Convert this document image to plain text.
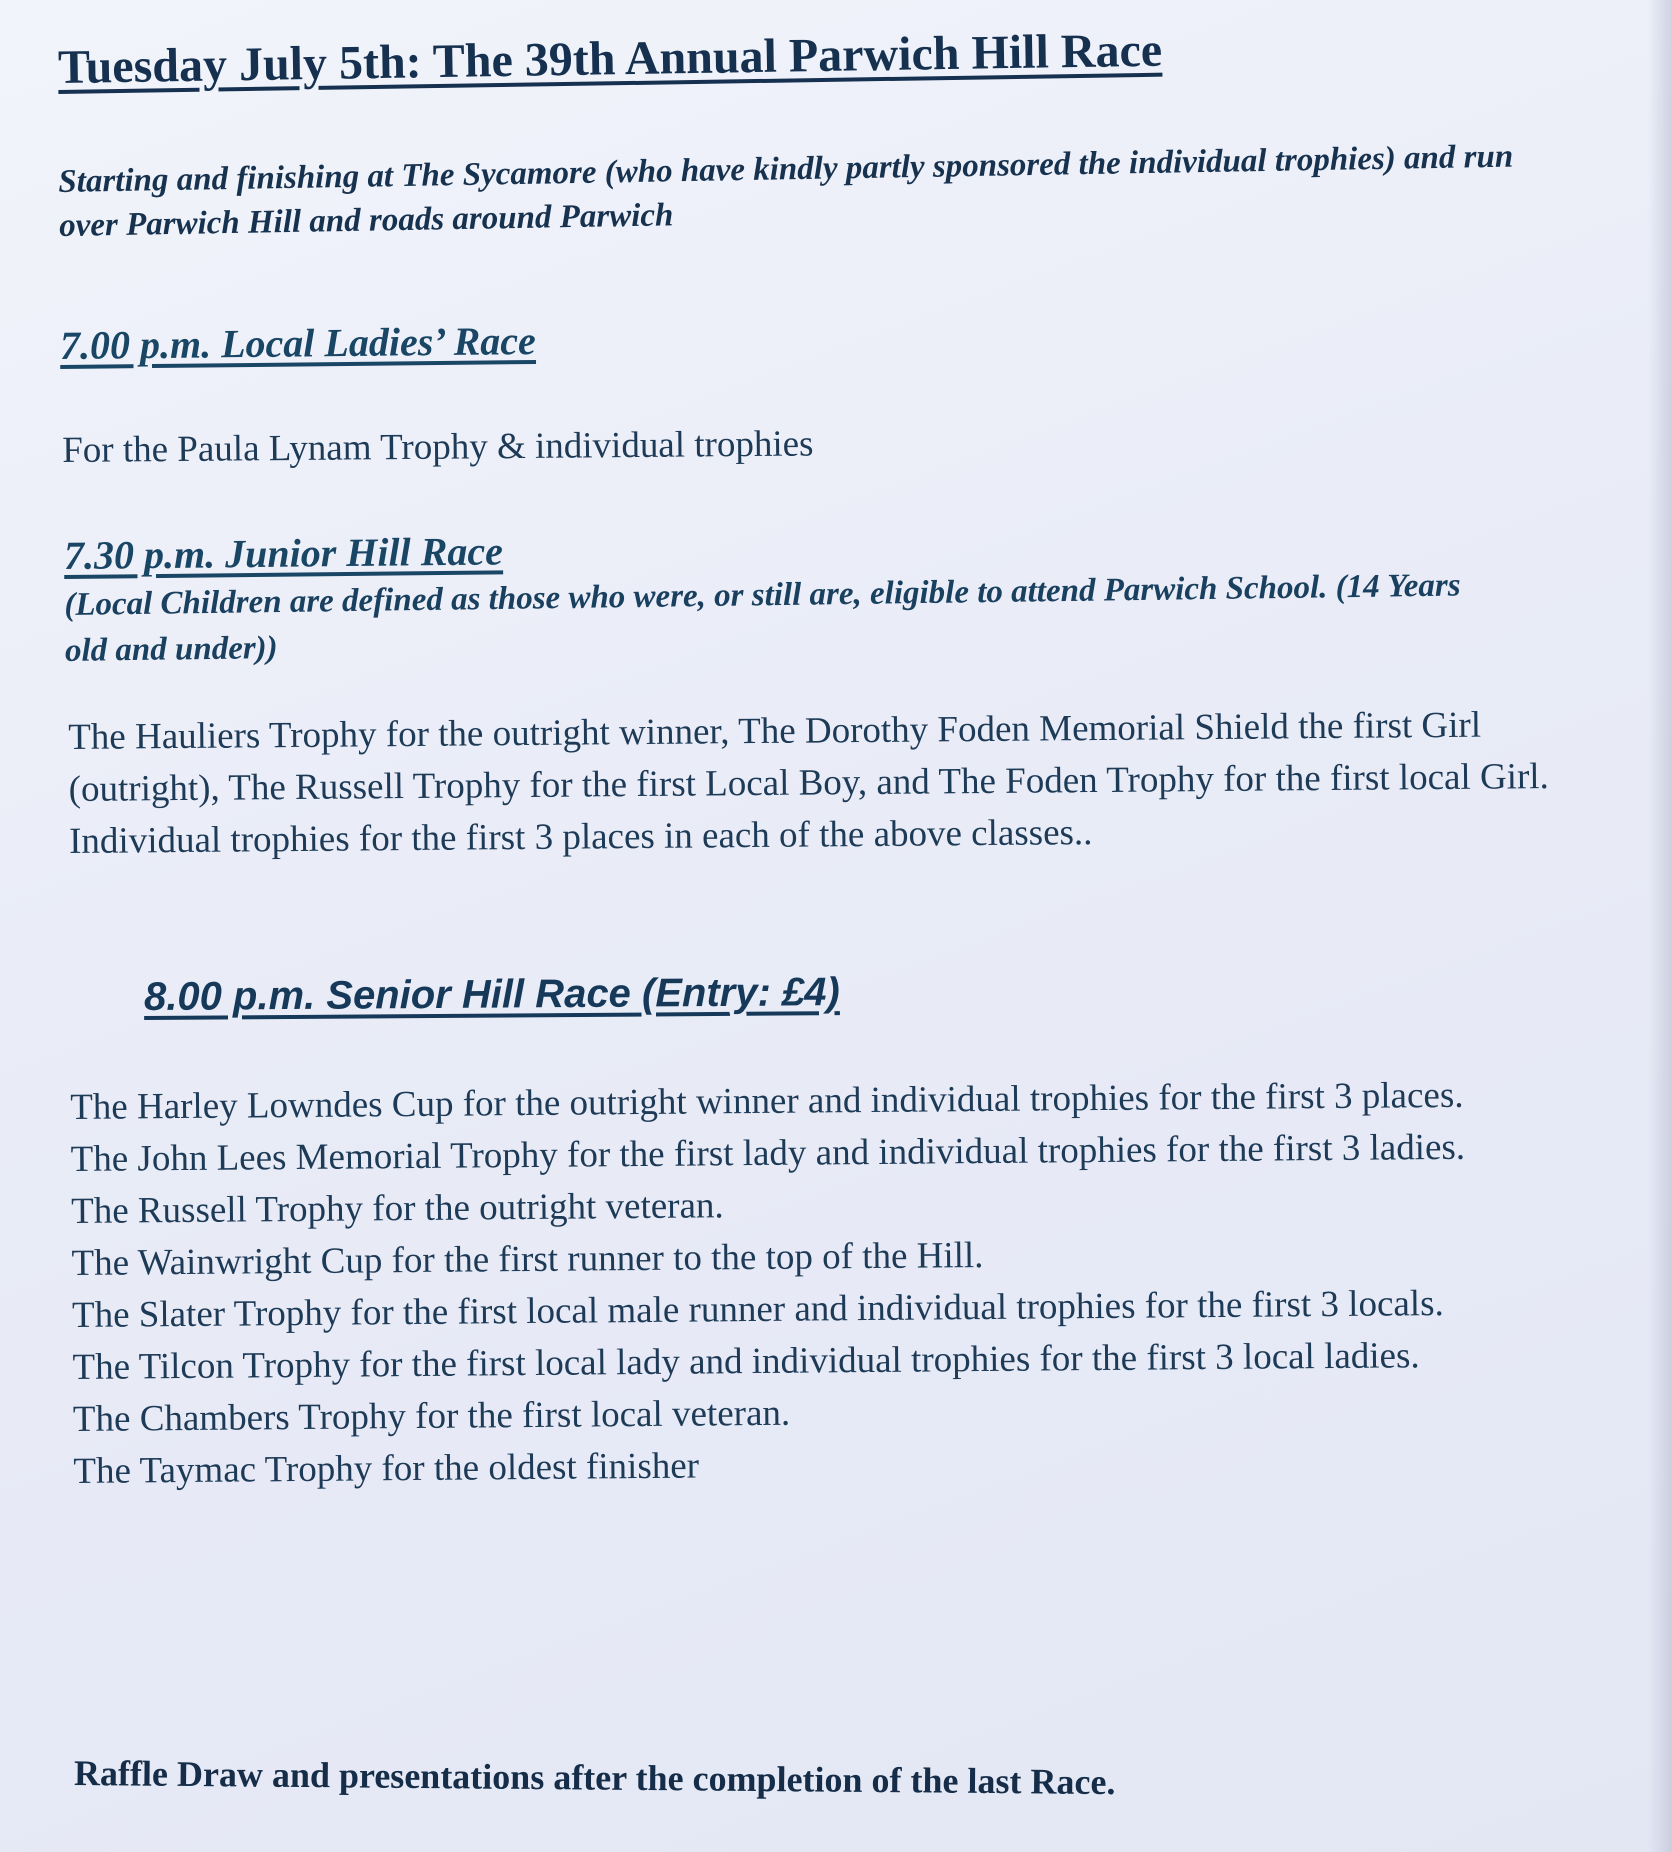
Tuesday July 5th: The 39th Annual Parwich Hill Race
Starting and finishing at The Sycamore (who have kindly partly sponsored the individual trophies) and run over Parwich Hill and roads around Parwich
7.00 p.m. Local Ladies’ Race
For the Paula Lynam Trophy & individual trophies
7.30 p.m. Junior Hill Race
(Local Children are defined as those who were, or still are, eligible to attend Parwich School. (14 Years old and under))
The Hauliers Trophy for the outright winner, The Dorothy Foden Memorial Shield the first Girl (outright), The Russell Trophy for the first Local Boy, and The Foden Trophy for the first local Girl.
Individual trophies for the first 3 places in each of the above classes..
8.00 p.m. Senior Hill Race (Entry: £4)
The Harley Lowndes Cup for the outright winner and individual trophies for the first 3 places.
The John Lees Memorial Trophy for the first lady and individual trophies for the first 3 ladies.
The Russell Trophy for the outright veteran.
The Wainwright Cup for the first runner to the top of the Hill.
The Slater Trophy for the first local male runner and individual trophies for the first 3 locals.
The Tilcon Trophy for the first local lady and individual trophies for the first 3 local ladies.
The Chambers Trophy for the first local veteran.
The Taymac Trophy for the oldest finisher
Raffle Draw and presentations after the completion of the last Race.
